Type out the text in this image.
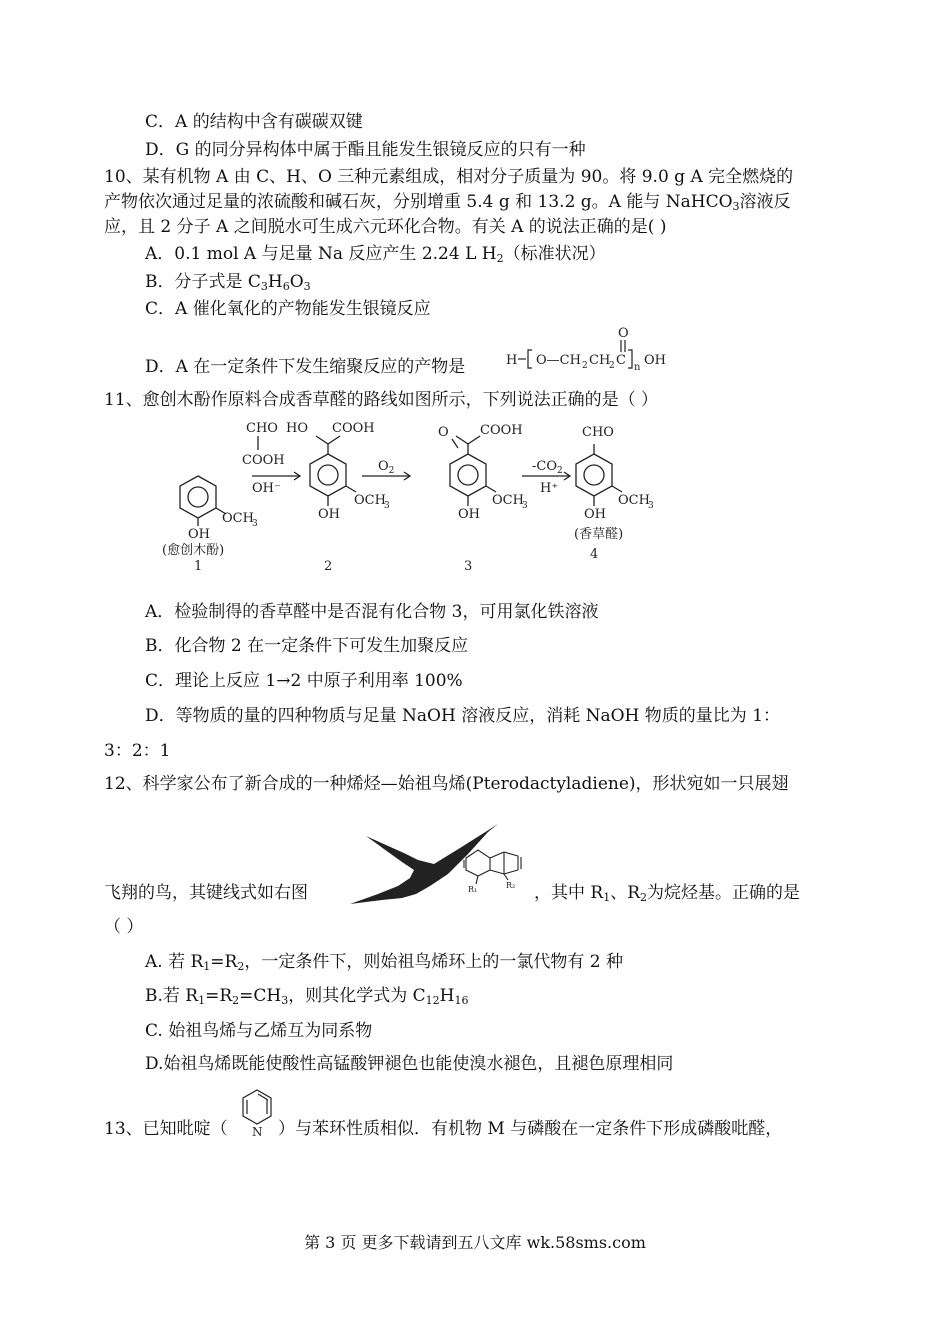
C．A 的结构中含有碳碳双键
D．G 的同分异构体中属于酯且能发生银镜反应的只有一种
10、某有机物 A 由 C、H、O 三种元素组成，相对分子质量为 90。将 9.0 g A 完全燃烧的
产物依次通过足量的浓硫酸和碱石灰，分别增重 5.4 g 和 13.2 g。A 能与 NaHCO$_3$溶液反
应，且 2 分子 A 之间脱水可生成六元环化合物。有关 A 的说法正确的是( )
A．0.1 mol A 与足量 Na 反应产生 2.24 L $H_2$（标准状况）
B．分子式是 $C_3H_6O_3$
C．A 催化氧化的产物能发生银镜反应
D．A 在一定条件下发生缩聚反应的产物是	H O—CH 2 CH
2 C
O
n OH
11、愈创木酚作原料合成香草醛的路线如图所示，下列说法正确的是（ ）
OH
OCH
3
(愈创木酚)
1
CHO
COOH
OH⁻
HO COOH
OH
OCH
3
2
$O_2$
O COOH
OH
OCH
3
3
$-CO_2$
H⁺
CHO
OH
OCH
3
(香草醛)
4
A．检验制得的香草醛中是否混有化合物 3，可用氯化铁溶液
B．化合物 2 在一定条件下可发生加聚反应
C．理论上反应 1→2 中原子利用率 100%
D．等物质的量的四种物质与足量 NaOH 溶液反应，消耗 NaOH 物质的量比为 1：
3：2：1
12、科学家公布了新合成的一种烯烃—始祖鸟烯(Pterodactyladiene)，形状宛如一只展翅
R₁	R₂
飞翔的鸟，其键线式如右图	，其中 $R_1$、$R_2$为烷烃基。正确的是
（ ）
A. 若 $R_1=R_2$，一定条件下，则始祖鸟烯环上的一氯代物有 2 种
B.若 $R_1=R_2=CH_3$，则其化学式为 $C_{12}H_{16}$
C. 始祖鸟烯与乙烯互为同系物
D.始祖鸟烯既能使酸性高锰酸钾褪色也能使溴水褪色，且褪色原理相同
13、已知吡啶（ N ）与苯环性质相似．有机物 M 与磷酸在一定条件下形成磷酸吡醛，
第 3 页 更多下载请到五八文库 wk.58sms.com
